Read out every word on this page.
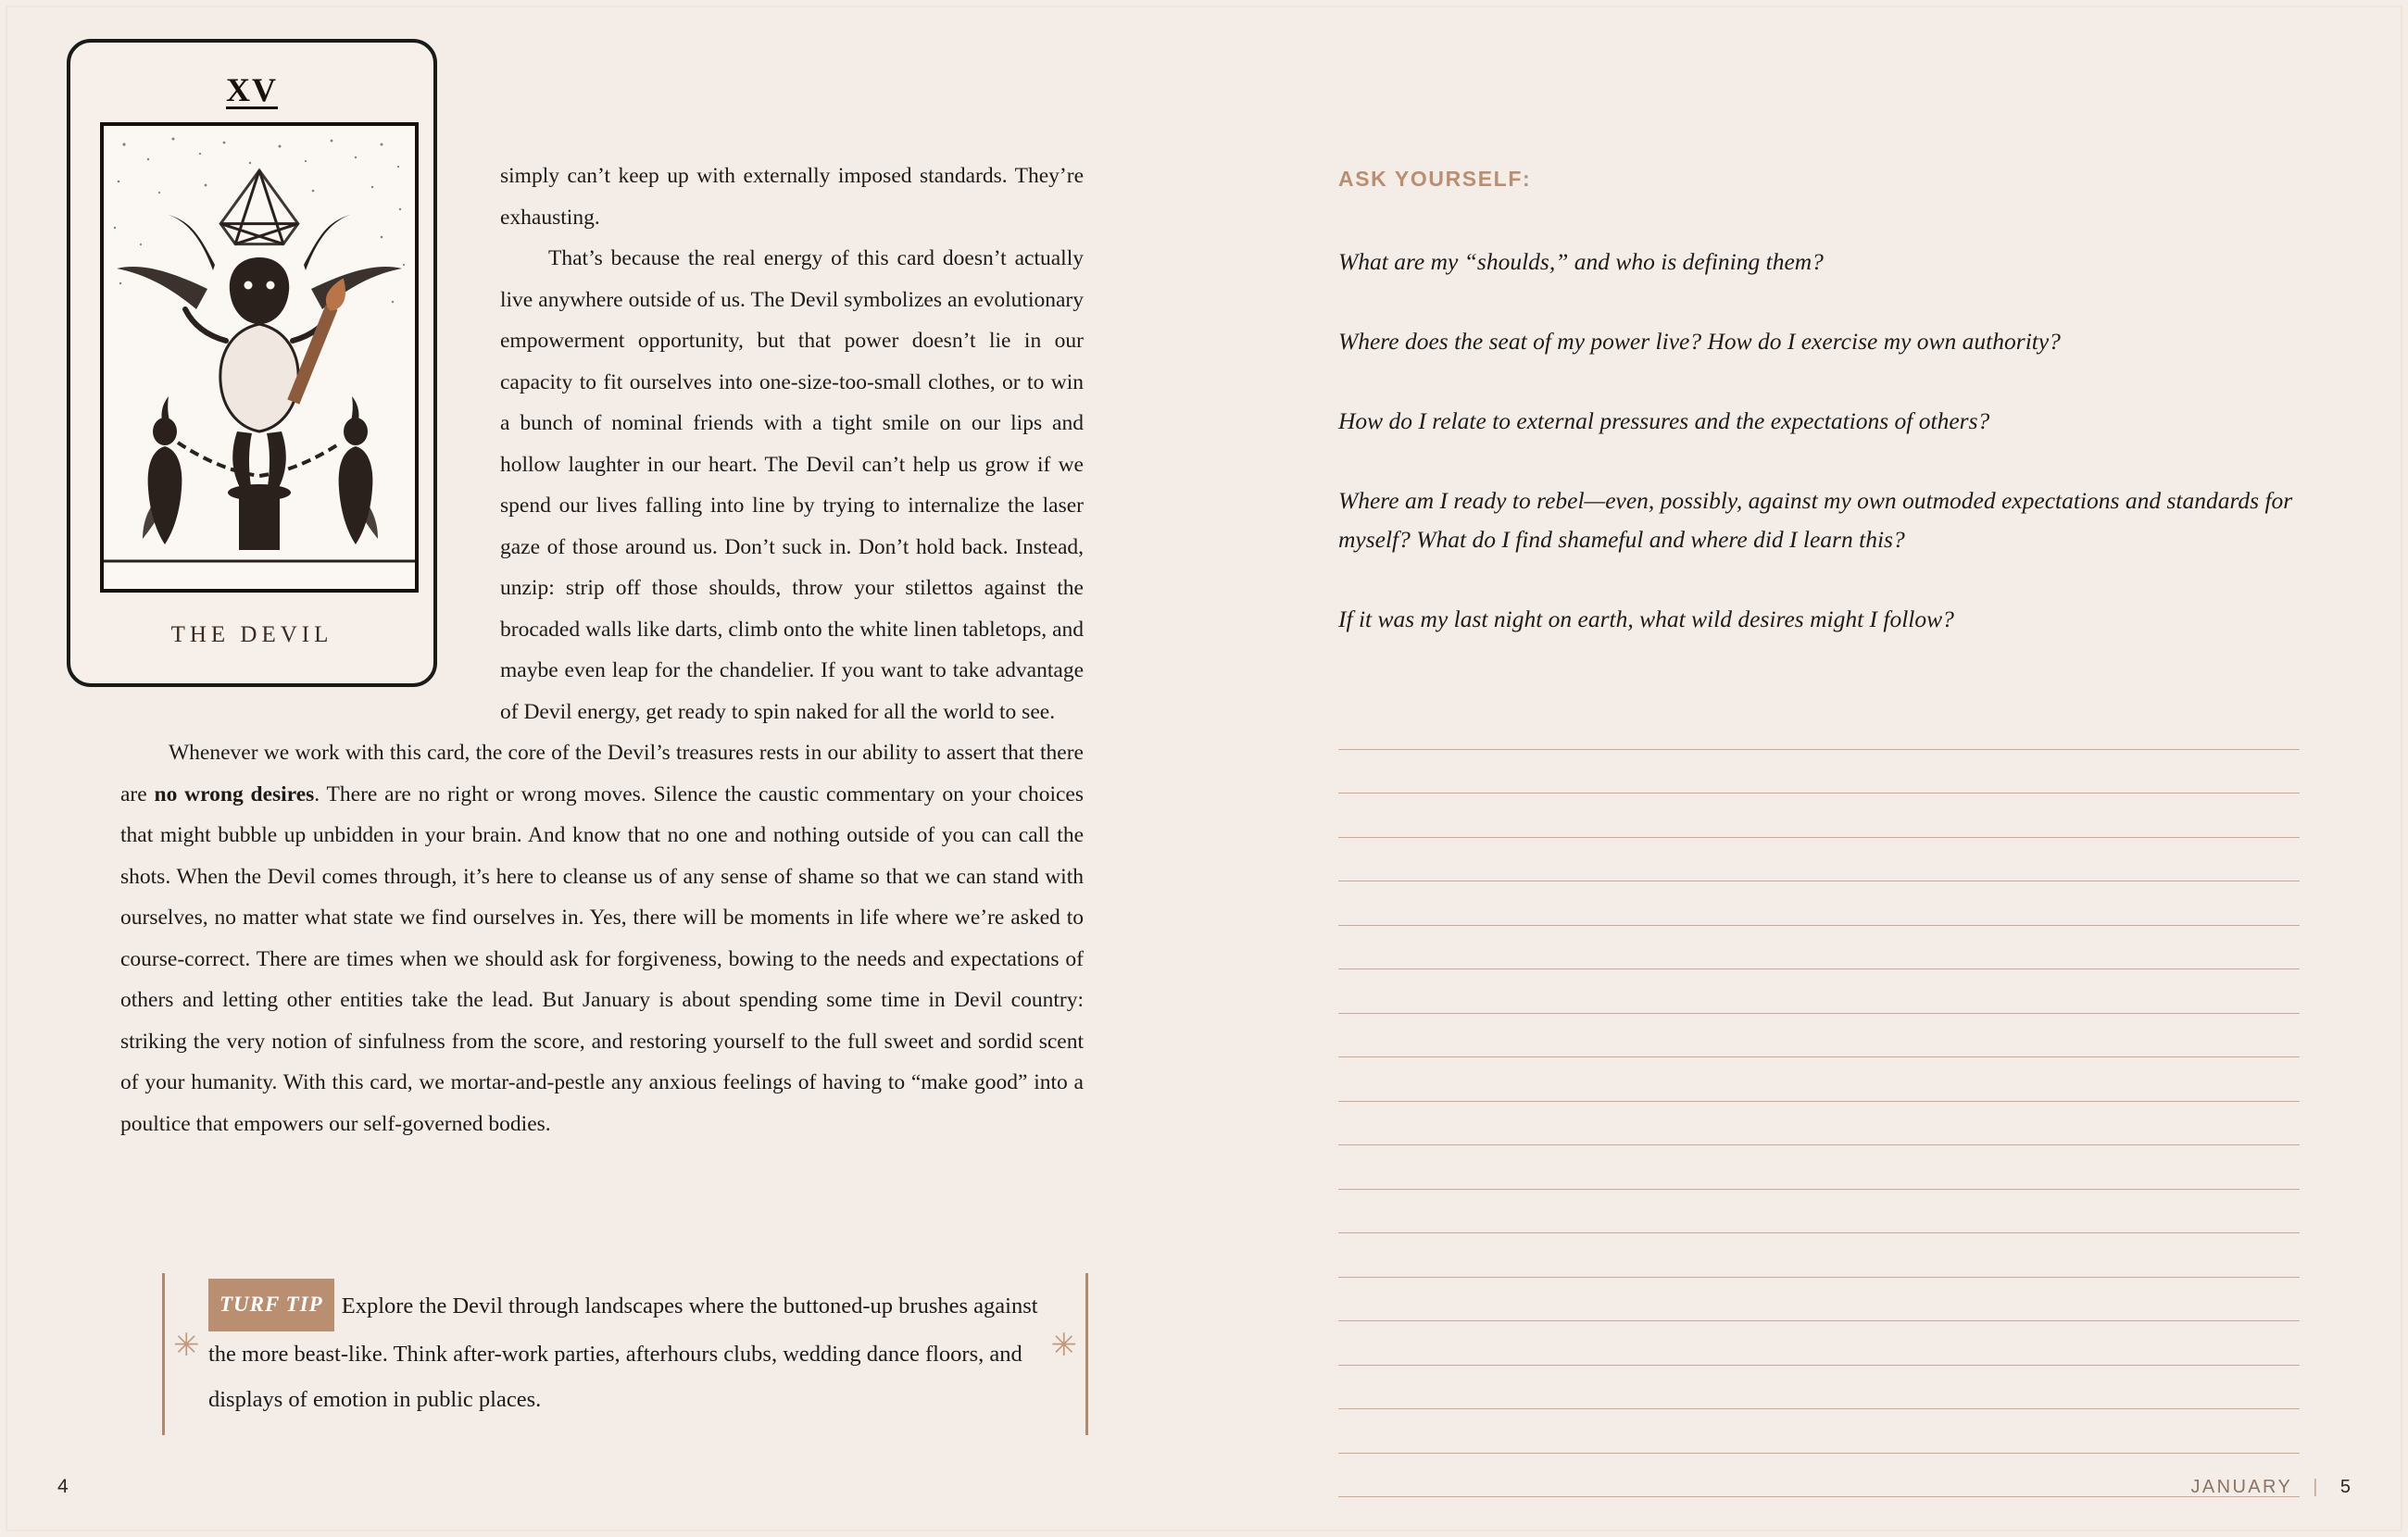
simply can’t keep up with externally imposed standards. They’re exhausting.

That’s because the real energy of this card doesn’t actually live anywhere outside of us. The Devil symbolizes an evolutionary empowerment opportunity, but that power doesn’t lie in our capacity to fit ourselves into one-size-too-small clothes, or to win a bunch of nominal friends with a tight smile on our lips and hollow laughter in our heart. The Devil can’t help us grow if we spend our lives falling into line by trying to internalize the laser gaze of those around us. Don’t suck in. Don’t hold back. Instead, unzip: strip off those shoulds, throw your stilettos against the brocaded walls like darts, climb onto the white linen tabletops, and maybe even leap for the chandelier. If you want to take advantage of Devil energy, get ready to spin naked for all the world to see.

Whenever we work with this card, the core of the Devil’s treasures rests in our ability to assert that there are no wrong desires. There are no right or wrong moves. Silence the caustic commentary on your choices that might bubble up unbidden in your brain. And know that no one and nothing outside of you can call the shots. When the Devil comes through, it’s here to cleanse us of any sense of shame so that we can stand with ourselves, no matter what state we find ourselves in. Yes, there will be moments in life where we’re asked to course-correct. There are times when we should ask for forgiveness, bowing to the needs and expectations of others and letting other entities take the lead. But January is about spending some time in Devil country: striking the very notion of sinfulness from the score, and restoring yourself to the full sweet and sordid scent of your humanity. With this card, we mortar-and-pestle any anxious feelings of having to “make good” into a poultice that empowers our self-governed bodies.

XV
THE DEVIL
✳	✳
TURF TIP Explore the Devil through landscapes where the buttoned-up brushes against the more beast-like. Think after-work parties, afterhours clubs, wedding dance floors, and displays of emotion in public places.
4
ASK YOURSELF:

What are my “shoulds,” and who is defining them?

Where does the seat of my power live? How do I exercise my own authority?

How do I relate to external pressures and the expectations of others?

Where am I ready to rebel—even, possibly, against my own outmoded expectations and standards for myself? What do I find shameful and where did I learn this?

If it was my last night on earth, what wild desires might I follow?

JANUARY | 5
